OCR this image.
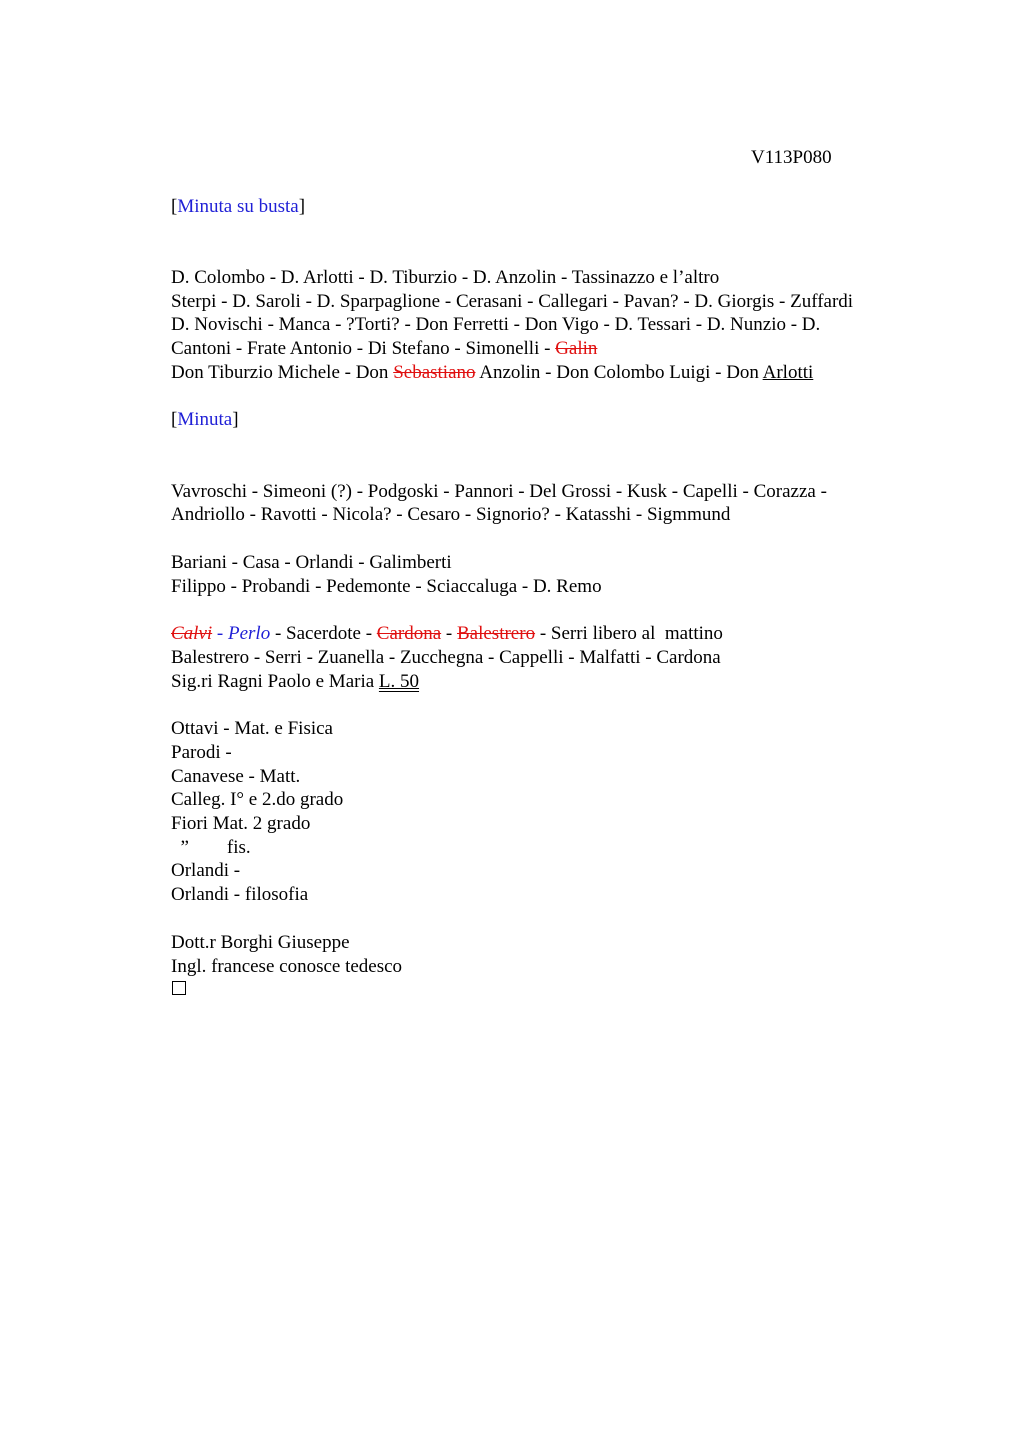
V113P080
[Minuta su busta]
D. Colombo - D. Arlotti - D. Tiburzio - D. Anzolin - Tassinazzo e l’altro
Sterpi - D. Saroli - D. Sparpaglione - Cerasani - Callegari - Pavan? - D. Giorgis - Zuffardi
D. Novischi - Manca - ?Torti? - Don Ferretti - Don Vigo - D. Tessari - D. Nunzio - D.
Cantoni - Frate Antonio - Di Stefano - Simonelli - Galin
Don Tiburzio Michele - Don Sebastiano Anzolin - Don Colombo Luigi - Don Arlotti
[Minuta]
Vavroschi - Simeoni (?) - Podgoski - Pannori - Del Grossi - Kusk - Capelli - Corazza -
Andriollo - Ravotti - Nicola? - Cesaro - Signorio? - Katasshi - Sigmmund
Bariani - Casa - Orlandi - Galimberti
Filippo - Probandi - Pedemonte - Sciaccaluga - D. Remo
Calvi - Perlo - Sacerdote - Cardona - Balestrero - Serri libero al  mattino
Balestrero - Serri - Zuanella - Zucchegna - Cappelli - Malfatti - Cardona
Sig.ri Ragni Paolo e Maria L. 50
Ottavi - Mat. e Fisica
Parodi -
Canavese - Matt.
Calleg. I° e 2.do grado
Fiori Mat. 2 grado
”        fis.
Orlandi -
Orlandi - filosofia
Dott.r Borghi Giuseppe
Ingl. francese conosce tedesco
